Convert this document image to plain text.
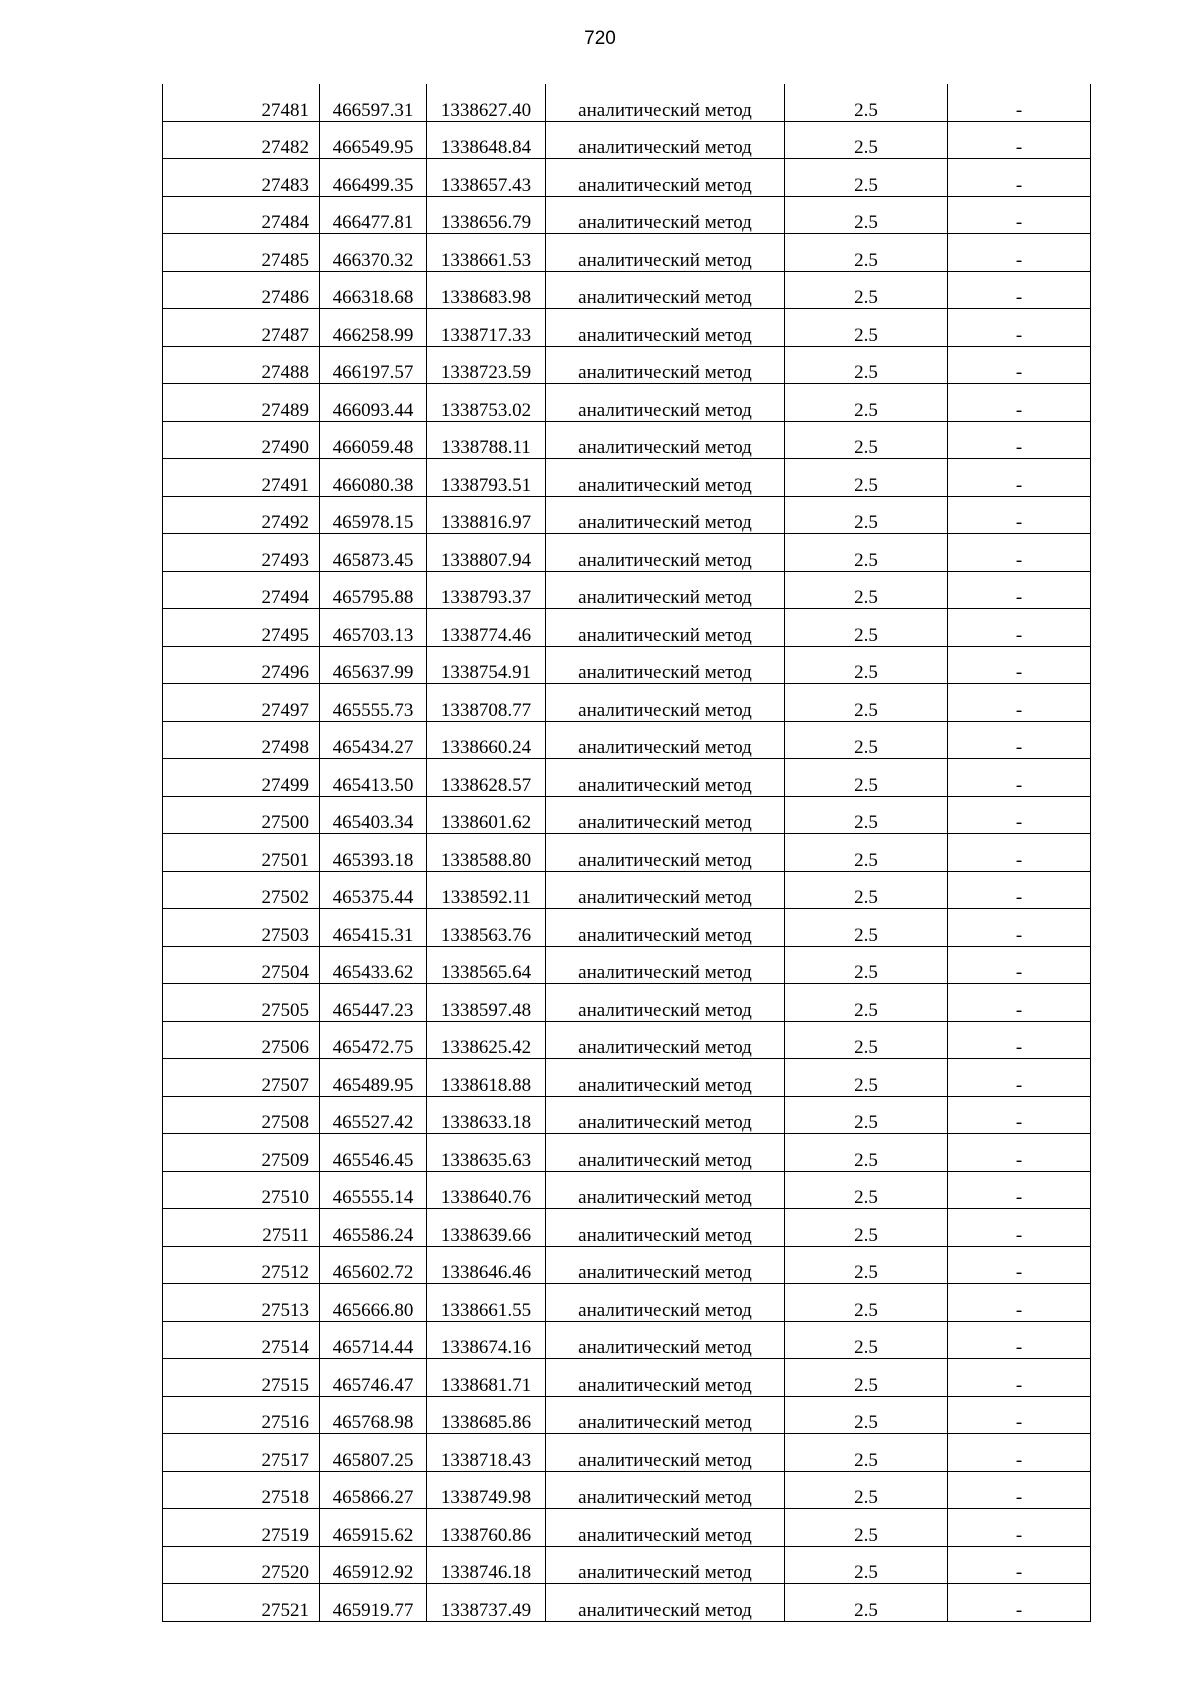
720
27481	466597.31	1338627.40	аналитический метод	2.5	-

27482	466549.95	1338648.84	аналитический метод	2.5	-

27483	466499.35	1338657.43	аналитический метод	2.5	-

27484	466477.81	1338656.79	аналитический метод	2.5	-

27485	466370.32	1338661.53	аналитический метод	2.5	-

27486	466318.68	1338683.98	аналитический метод	2.5	-

27487	466258.99	1338717.33	аналитический метод	2.5	-

27488	466197.57	1338723.59	аналитический метод	2.5	-

27489	466093.44	1338753.02	аналитический метод	2.5	-

27490	466059.48	1338788.11	аналитический метод	2.5	-

27491	466080.38	1338793.51	аналитический метод	2.5	-

27492	465978.15	1338816.97	аналитический метод	2.5	-

27493	465873.45	1338807.94	аналитический метод	2.5	-

27494	465795.88	1338793.37	аналитический метод	2.5	-

27495	465703.13	1338774.46	аналитический метод	2.5	-

27496	465637.99	1338754.91	аналитический метод	2.5	-

27497	465555.73	1338708.77	аналитический метод	2.5	-

27498	465434.27	1338660.24	аналитический метод	2.5	-

27499	465413.50	1338628.57	аналитический метод	2.5	-

27500	465403.34	1338601.62	аналитический метод	2.5	-

27501	465393.18	1338588.80	аналитический метод	2.5	-

27502	465375.44	1338592.11	аналитический метод	2.5	-

27503	465415.31	1338563.76	аналитический метод	2.5	-

27504	465433.62	1338565.64	аналитический метод	2.5	-

27505	465447.23	1338597.48	аналитический метод	2.5	-

27506	465472.75	1338625.42	аналитический метод	2.5	-

27507	465489.95	1338618.88	аналитический метод	2.5	-

27508	465527.42	1338633.18	аналитический метод	2.5	-

27509	465546.45	1338635.63	аналитический метод	2.5	-

27510	465555.14	1338640.76	аналитический метод	2.5	-

27511	465586.24	1338639.66	аналитический метод	2.5	-

27512	465602.72	1338646.46	аналитический метод	2.5	-

27513	465666.80	1338661.55	аналитический метод	2.5	-

27514	465714.44	1338674.16	аналитический метод	2.5	-

27515	465746.47	1338681.71	аналитический метод	2.5	-

27516	465768.98	1338685.86	аналитический метод	2.5	-

27517	465807.25	1338718.43	аналитический метод	2.5	-

27518	465866.27	1338749.98	аналитический метод	2.5	-

27519	465915.62	1338760.86	аналитический метод	2.5	-

27520	465912.92	1338746.18	аналитический метод	2.5	-

27521	465919.77	1338737.49	аналитический метод	2.5	-
